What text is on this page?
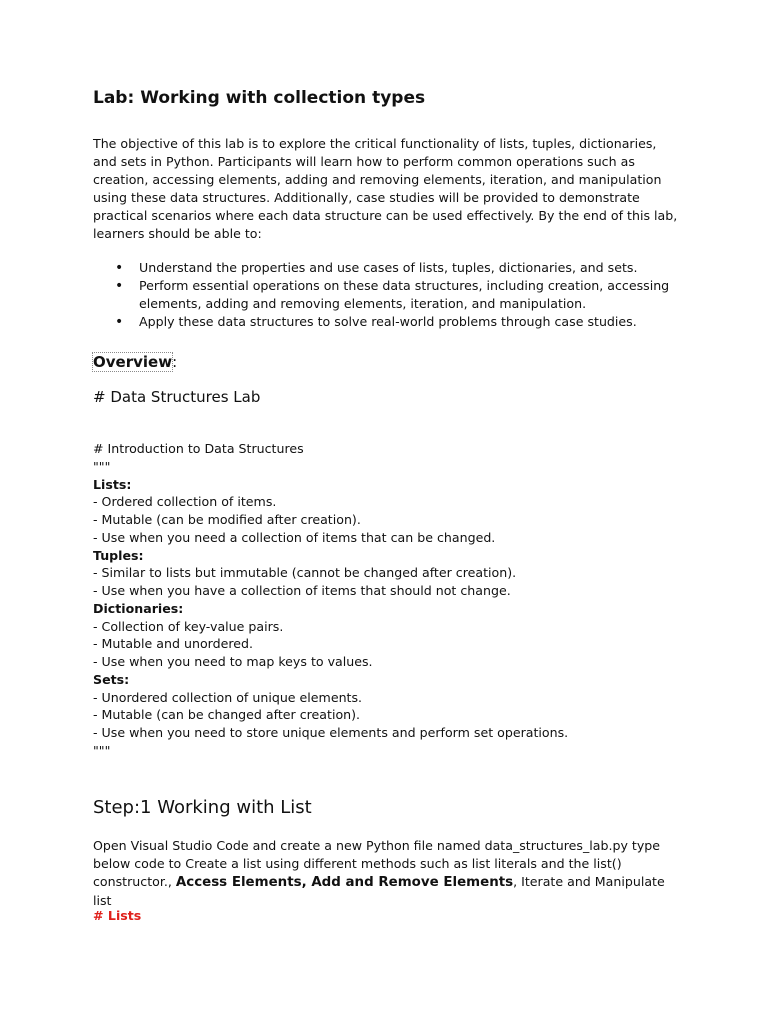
Lab: Working with collection types
The objective of this lab is to explore the critical functionality of lists, tuples, dictionaries, and sets in Python. Participants will learn how to perform common operations such as creation, accessing elements, adding and removing elements, iteration, and manipulation using these data structures. Additionally, case studies will be provided to demonstrate practical scenarios where each data structure can be used effectively. By the end of this lab, learners should be able to:
• Understand the properties and use cases of lists, tuples, dictionaries, and sets.
• Perform essential operations on these data structures, including creation, accessing elements, adding and removing elements, iteration, and manipulation.
• Apply these data structures to solve real-world problems through case studies.
Overview:
# Data Structures Lab
# Introduction to Data Structures
"""
Lists:
- Ordered collection of items.
- Mutable (can be modified after creation).
- Use when you need a collection of items that can be changed.
Tuples:
- Similar to lists but immutable (cannot be changed after creation).
- Use when you have a collection of items that should not change.
Dictionaries:
- Collection of key-value pairs.
- Mutable and unordered.
- Use when you need to map keys to values.
Sets:
- Unordered collection of unique elements.
- Mutable (can be changed after creation).
- Use when you need to store unique elements and perform set operations.
"""
Step:1 Working with List
Open Visual Studio Code and create a new Python file named data_structures_lab.py type below code to Create a list using different methods such as list literals and the list() constructor., Access Elements, Add and Remove Elements, Iterate and Manipulate list
# Lists
